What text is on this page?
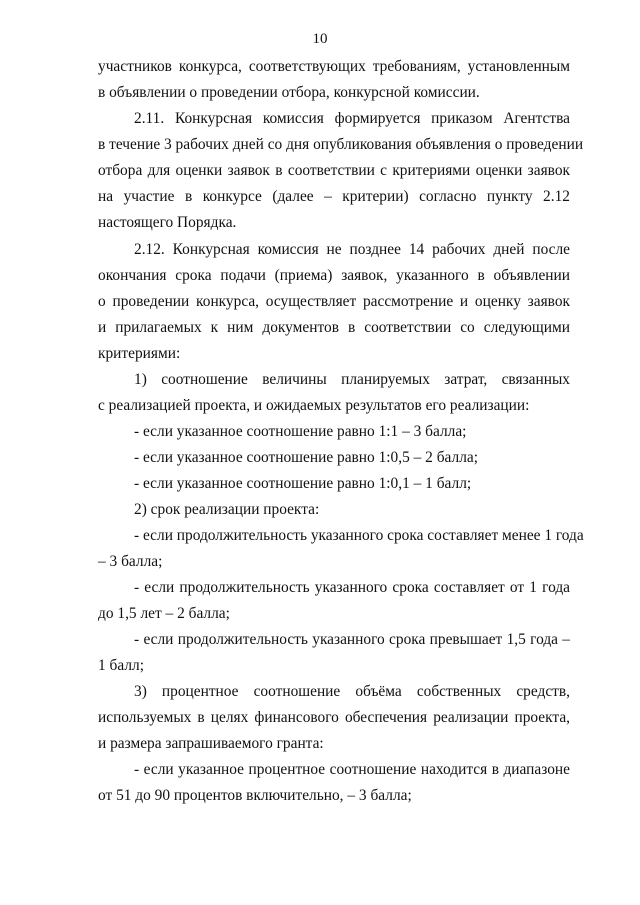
10
участников конкурса, соответствующих требованиям, установленным
в объявлении о проведении отбора, конкурсной комиссии.
2.11. Конкурсная комиссия формируется приказом Агентства
в течение 3 рабочих дней со дня опубликования объявления о проведении
отбора для оценки заявок в соответствии с критериями оценки заявок
на участие в конкурсе (далее – критерии) согласно пункту 2.12
настоящего Порядка.
2.12. Конкурсная комиссия не позднее 14 рабочих дней после
окончания срока подачи (приема) заявок, указанного в объявлении
о проведении конкурса, осуществляет рассмотрение и оценку заявок
и прилагаемых к ним документов в соответствии со следующими
критериями:
1) соотношение величины планируемых затрат, связанных
с реализацией проекта, и ожидаемых результатов его реализации:
- если указанное соотношение равно 1:1 – 3 балла;
- если указанное соотношение равно 1:0,5 – 2 балла;
- если указанное соотношение равно 1:0,1 – 1 балл;
2) срок реализации проекта:
- если продолжительность указанного срока составляет менее 1 года
– 3 балла;
- если продолжительность указанного срока составляет от 1 года
до 1,5 лет – 2 балла;
- если продолжительность указанного срока превышает 1,5 года –
1 балл;
3) процентное соотношение объёма собственных средств,
используемых в целях финансового обеспечения реализации проекта,
и размера запрашиваемого гранта:
- если указанное процентное соотношение находится в диапазоне
от 51 до 90 процентов включительно, – 3 балла;
